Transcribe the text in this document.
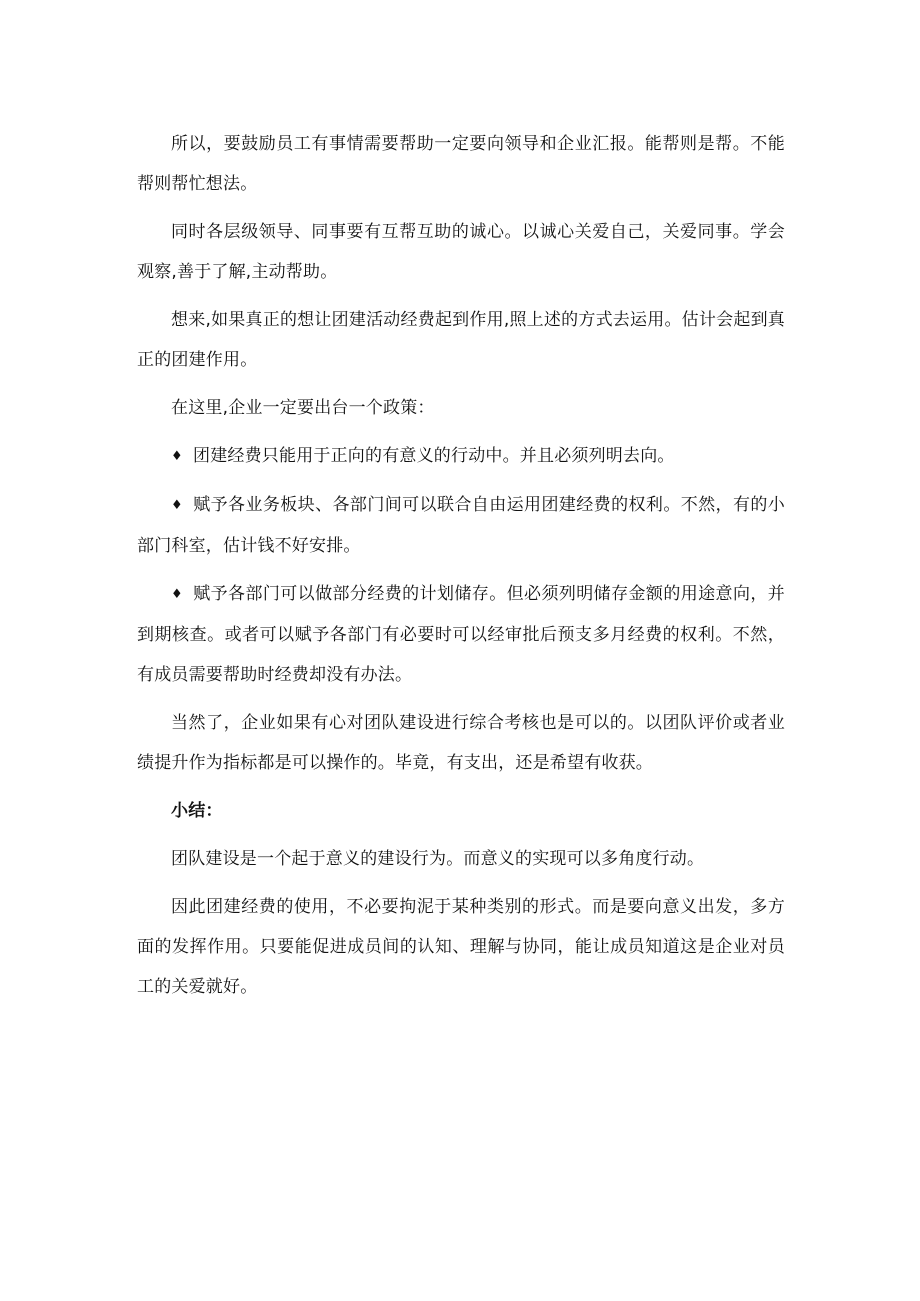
所以，要鼓励员工有事情需要帮助一定要向领导和企业汇报。能帮则是帮。不能帮则帮忙想法。

同时各层级领导、同事要有互帮互助的诚心。以诚心关爱自己，关爱同事。学会观察,善于了解,主动帮助。

想来,如果真正的想让团建活动经费起到作用,照上述的方式去运用。估计会起到真正的团建作用。

在这里,企业一定要出台一个政策：

♦ 团建经费只能用于正向的有意义的行动中。并且必须列明去向。

♦ 赋予各业务板块、各部门间可以联合自由运用团建经费的权利。不然，有的小部门科室，估计钱不好安排。

♦ 赋予各部门可以做部分经费的计划储存。但必须列明储存金额的用途意向，并到期核查。或者可以赋予各部门有必要时可以经审批后预支多月经费的权利。不然，有成员需要帮助时经费却没有办法。

当然了，企业如果有心对团队建设进行综合考核也是可以的。以团队评价或者业绩提升作为指标都是可以操作的。毕竟，有支出，还是希望有收获。

小结：

团队建设是一个起于意义的建设行为。而意义的实现可以多角度行动。

因此团建经费的使用，不必要拘泥于某种类别的形式。而是要向意义出发，多方面的发挥作用。只要能促进成员间的认知、理解与协同，能让成员知道这是企业对员工的关爱就好。
